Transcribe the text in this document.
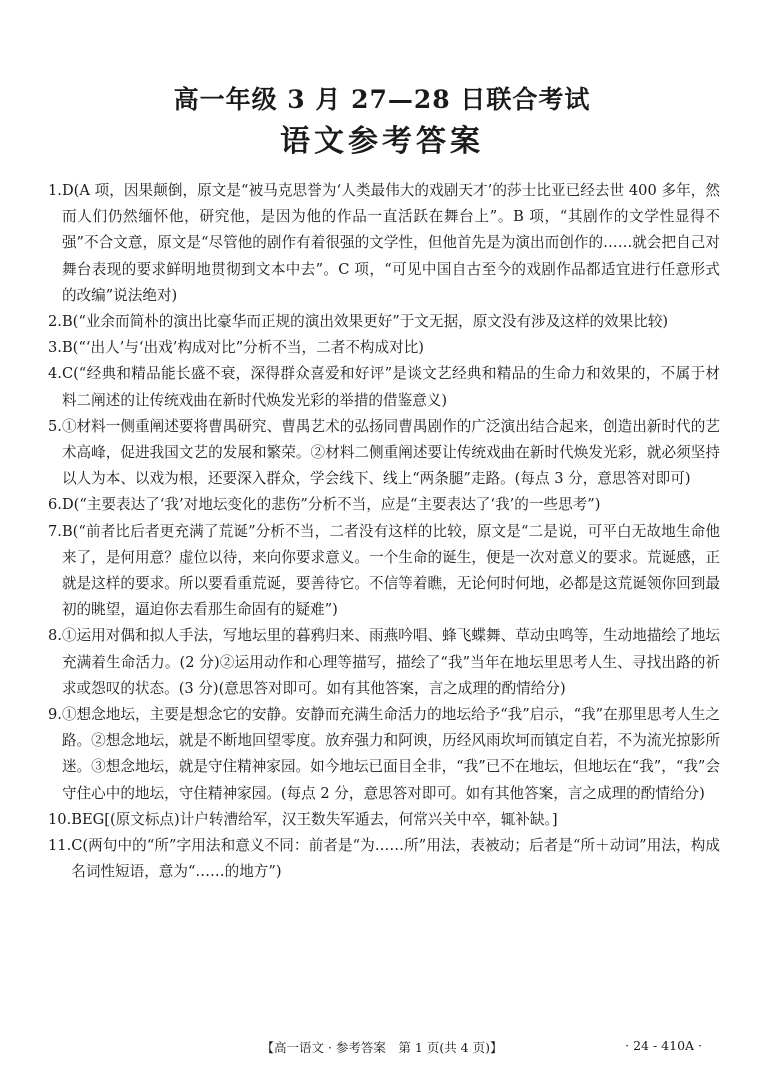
高一年级 3 月 27—28 日联合考试
语文参考答案
1. D(A 项，因果颠倒，原文是“被马克思誉为‘人类最伟大的戏剧天才’的莎士比亚已经去世 400 多年，然而人们仍然缅怀他，研究他，是因为他的作品一直活跃在舞台上”。B 项，“其剧作的文学性显得不强”不合文意，原文是“尽管他的剧作有着很强的文学性，但他首先是为演出而创作的……就会把自己对舞台表现的要求鲜明地贯彻到文本中去”。C 项，“可见中国自古至今的戏剧作品都适宜进行任意形式的改编”说法绝对)
2. B(“业余而简朴的演出比豪华而正规的演出效果更好”于文无据，原文没有涉及这样的效果比较)
3. B(“‘出人’与‘出戏’构成对比”分析不当，二者不构成对比)
4. C(“经典和精品能长盛不衰，深得群众喜爱和好评”是谈文艺经典和精品的生命力和效果的，不属于材料二阐述的让传统戏曲在新时代焕发光彩的举措的借鉴意义)
5. ①材料一侧重阐述要将曹禺研究、曹禺艺术的弘扬同曹禺剧作的广泛演出结合起来，创造出新时代的艺术高峰，促进我国文艺的发展和繁荣。②材料二侧重阐述要让传统戏曲在新时代焕发光彩，就必须坚持以人为本、以戏为根，还要深入群众，学会线下、线上“两条腿”走路。(每点 3 分，意思答对即可)
6. D(“主要表达了‘我’对地坛变化的悲伤”分析不当，应是“主要表达了‘我’的一些思考”)
7. B(“前者比后者更充满了荒诞”分析不当，二者没有这样的比较，原文是“二是说，可平白无故地生命他来了，是何用意？虚位以待，来向你要求意义。一个生命的诞生，便是一次对意义的要求。荒诞感，正就是这样的要求。所以要看重荒诞，要善待它。不信等着瞧，无论何时何地，必都是这荒诞领你回到最初的眺望，逼迫你去看那生命固有的疑难”)
8. ①运用对偶和拟人手法，写地坛里的暮鸦归来、雨燕吟唱、蜂飞蝶舞、草动虫鸣等，生动地描绘了地坛充满着生命活力。(2 分)②运用动作和心理等描写，描绘了“我”当年在地坛里思考人生、寻找出路的祈求或怨叹的状态。(3 分)(意思答对即可。如有其他答案，言之成理的酌情给分)
9. ①想念地坛，主要是想念它的安静。安静而充满生命活力的地坛给予“我”启示，“我”在那里思考人生之路。②想念地坛，就是不断地回望零度。放弃强力和阿谀，历经风雨坎坷而镇定自若，不为流光掠影所迷。③想念地坛，就是守住精神家园。如今地坛已面目全非，“我”已不在地坛，但地坛在“我”，“我”会守住心中的地坛，守住精神家园。(每点 2 分，意思答对即可。如有其他答案，言之成理的酌情给分)
10. BEG[(原文标点)计户转漕给军，汉王数失军遁去，何常兴关中卒，辄补缺。]
11. C(两句中的“所”字用法和意义不同：前者是“为……所”用法，表被动；后者是“所＋动词”用法，构成名词性短语，意为“……的地方”)
【高一语文 · 参考答案　第 1 页(共 4 页)】	· 24 - 410A ·
